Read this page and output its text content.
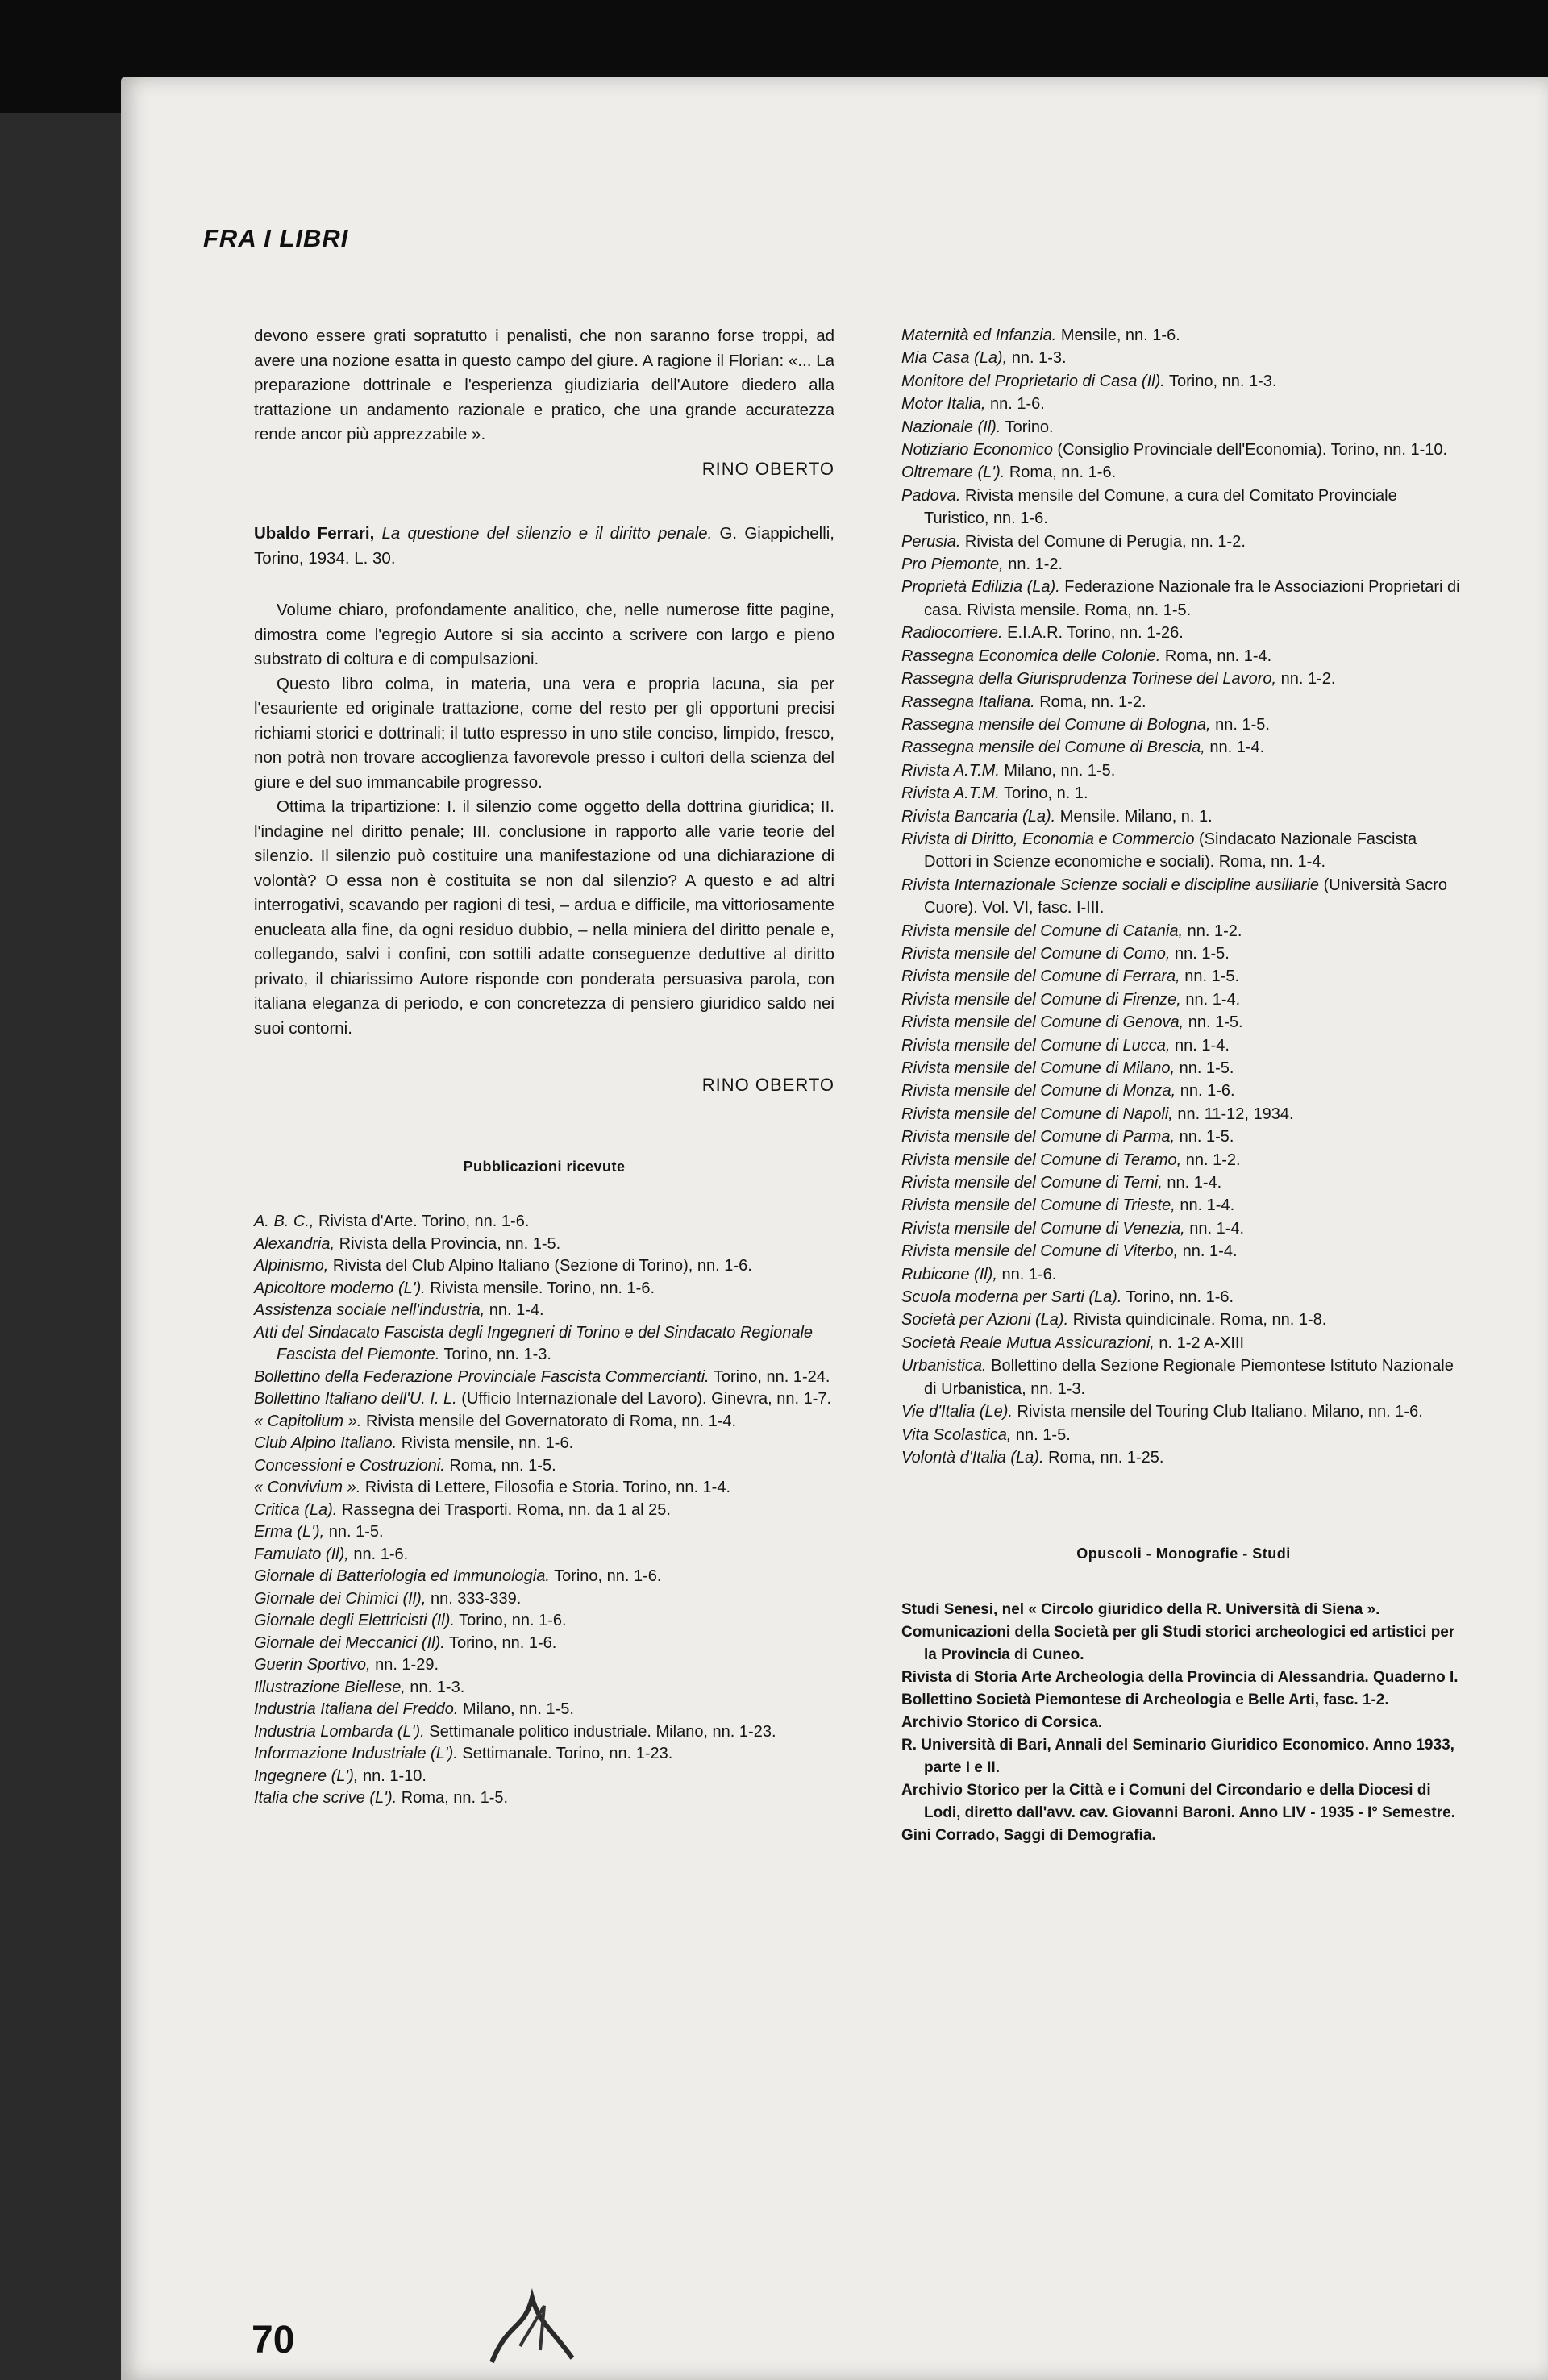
FRA I LIBRI

devono essere grati sopratutto i penalisti, che non saranno forse troppi, ad avere una nozione esatta in questo campo del giure. A ragione il Florian: «... La preparazione dottrinale e l'esperienza giudiziaria dell'Autore diedero alla trattazione un andamento razionale e pratico, che una grande accuratezza rende ancor più apprezzabile ».

RINO OBERTO

Ubaldo Ferrari, La questione del silenzio e il diritto penale. G. Giappichelli, Torino, 1934. L. 30.

Volume chiaro, profondamente analitico, che, nelle numerose fitte pagine, dimostra come l'egregio Autore si sia accinto a scrivere con largo e pieno substrato di coltura e di compulsazioni.

Questo libro colma, in materia, una vera e propria lacuna, sia per l'esauriente ed originale trattazione, come del resto per gli opportuni precisi richiami storici e dottrinali; il tutto espresso in uno stile conciso, limpido, fresco, non potrà non trovare accoglienza favorevole presso i cultori della scienza del giure e del suo immancabile progresso.

Ottima la tripartizione: I. il silenzio come oggetto della dottrina giuridica; II. l'indagine nel diritto penale; III. conclusione in rapporto alle varie teorie del silenzio. Il silenzio può costituire una manifestazione od una dichiarazione di volontà? O essa non è costituita se non dal silenzio? A questo e ad altri interrogativi, scavando per ragioni di tesi, – ardua e difficile, ma vittoriosamente enucleata alla fine, da ogni residuo dubbio, – nella miniera del diritto penale e, collegando, salvi i confini, con sottili adatte conseguenze deduttive al diritto privato, il chiarissimo Autore risponde con ponderata persuasiva parola, con italiana eleganza di periodo, e con concretezza di pensiero giuridico saldo nei suoi contorni.

RINO OBERTO

Pubblicazioni ricevute

A. B. C., Rivista d'Arte. Torino, nn. 1-6.

Alexandria, Rivista della Provincia, nn. 1-5.

Alpinismo, Rivista del Club Alpino Italiano (Sezione di Torino), nn. 1-6.

Apicoltore moderno (L'). Rivista mensile. Torino, nn. 1-6.

Assistenza sociale nell'industria, nn. 1-4.

Atti del Sindacato Fascista degli Ingegneri di Torino e del Sindacato Regionale Fascista del Piemonte. Torino, nn. 1-3.

Bollettino della Federazione Provinciale Fascista Commercianti. Torino, nn. 1-24.

Bollettino Italiano dell'U. I. L. (Ufficio Internazionale del Lavoro). Ginevra, nn. 1-7.

« Capitolium ». Rivista mensile del Governatorato di Roma, nn. 1-4.

Club Alpino Italiano. Rivista mensile, nn. 1-6.

Concessioni e Costruzioni. Roma, nn. 1-5.

« Convivium ». Rivista di Lettere, Filosofia e Storia. Torino, nn. 1-4.

Critica (La). Rassegna dei Trasporti. Roma, nn. da 1 al 25.

Erma (L'), nn. 1-5.

Famulato (Il), nn. 1-6.

Giornale di Batteriologia ed Immunologia. Torino, nn. 1-6.

Giornale dei Chimici (Il), nn. 333-339.

Giornale degli Elettricisti (Il). Torino, nn. 1-6.

Giornale dei Meccanici (Il). Torino, nn. 1-6.

Guerin Sportivo, nn. 1-29.

Illustrazione Biellese, nn. 1-3.

Industria Italiana del Freddo. Milano, nn. 1-5.

Industria Lombarda (L'). Settimanale politico industriale. Milano, nn. 1-23.

Informazione Industriale (L'). Settimanale. Torino, nn. 1-23.

Ingegnere (L'), nn. 1-10.

Italia che scrive (L'). Roma, nn. 1-5.

Maternità ed Infanzia. Mensile, nn. 1-6.

Mia Casa (La), nn. 1-3.

Monitore del Proprietario di Casa (Il). Torino, nn. 1-3.

Motor Italia, nn. 1-6.

Nazionale (Il). Torino.

Notiziario Economico (Consiglio Provinciale dell'Economia). Torino, nn. 1-10.

Oltremare (L'). Roma, nn. 1-6.

Padova. Rivista mensile del Comune, a cura del Comitato Provinciale Turistico, nn. 1-6.

Perusia. Rivista del Comune di Perugia, nn. 1-2.

Pro Piemonte, nn. 1-2.

Proprietà Edilizia (La). Federazione Nazionale fra le Associazioni Proprietari di casa. Rivista mensile. Roma, nn. 1-5.

Radiocorriere. E.I.A.R. Torino, nn. 1-26.

Rassegna Economica delle Colonie. Roma, nn. 1-4.

Rassegna della Giurisprudenza Torinese del Lavoro, nn. 1-2.

Rassegna Italiana. Roma, nn. 1-2.

Rassegna mensile del Comune di Bologna, nn. 1-5.

Rassegna mensile del Comune di Brescia, nn. 1-4.

Rivista A.T.M. Milano, nn. 1-5.

Rivista A.T.M. Torino, n. 1.

Rivista Bancaria (La). Mensile. Milano, n. 1.

Rivista di Diritto, Economia e Commercio (Sindacato Nazionale Fascista Dottori in Scienze economiche e sociali). Roma, nn. 1-4.

Rivista Internazionale Scienze sociali e discipline ausiliarie (Università Sacro Cuore). Vol. VI, fasc. I-III.

Rivista mensile del Comune di Catania, nn. 1-2.

Rivista mensile del Comune di Como, nn. 1-5.

Rivista mensile del Comune di Ferrara, nn. 1-5.

Rivista mensile del Comune di Firenze, nn. 1-4.

Rivista mensile del Comune di Genova, nn. 1-5.

Rivista mensile del Comune di Lucca, nn. 1-4.

Rivista mensile del Comune di Milano, nn. 1-5.

Rivista mensile del Comune di Monza, nn. 1-6.

Rivista mensile del Comune di Napoli, nn. 11-12, 1934.

Rivista mensile del Comune di Parma, nn. 1-5.

Rivista mensile del Comune di Teramo, nn. 1-2.

Rivista mensile del Comune di Terni, nn. 1-4.

Rivista mensile del Comune di Trieste, nn. 1-4.

Rivista mensile del Comune di Venezia, nn. 1-4.

Rivista mensile del Comune di Viterbo, nn. 1-4.

Rubicone (Il), nn. 1-6.

Scuola moderna per Sarti (La). Torino, nn. 1-6.

Società per Azioni (La). Rivista quindicinale. Roma, nn. 1-8.

Società Reale Mutua Assicurazioni, n. 1-2 A-XIII

Urbanistica. Bollettino della Sezione Regionale Piemontese Istituto Nazionale di Urbanistica, nn. 1-3.

Vie d'Italia (Le). Rivista mensile del Touring Club Italiano. Milano, nn. 1-6.

Vita Scolastica, nn. 1-5.

Volontà d'Italia (La). Roma, nn. 1-25.

Opuscoli - Monografie - Studi

Studi Senesi, nel « Circolo giuridico della R. Università di Siena ».

Comunicazioni della Società per gli Studi storici archeologici ed artistici per la Provincia di Cuneo.

Rivista di Storia Arte Archeologia della Provincia di Alessandria. Quaderno I.

Bollettino Società Piemontese di Archeologia e Belle Arti, fasc. 1-2.

Archivio Storico di Corsica.

R. Università di Bari, Annali del Seminario Giuridico Economico. Anno 1933, parte I e II.

Archivio Storico per la Città e i Comuni del Circondario e della Diocesi di Lodi, diretto dall'avv. cav. Giovanni Baroni. Anno LIV - 1935 - I° Semestre.

Gini Corrado, Saggi di Demografia.

70
